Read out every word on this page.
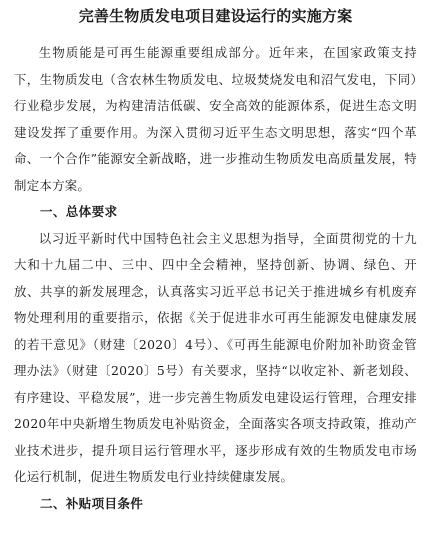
完善生物质发电项目建设运行的实施方案

生物质能是可再生能源重要组成部分。近年来，在国家政策支持下，生物质发电（含农林生物质发电、垃圾焚烧发电和沼气发电，下同）行业稳步发展，为构建清洁低碳、安全高效的能源体系，促进生态文明建设发挥了重要作用。为深入贯彻习近平生态文明思想，落实“四个革命、一个合作”能源安全新战略，进一步推动生物质发电高质量发展，特制定本方案。

一、总体要求

以习近平新时代中国特色社会主义思想为指导，全面贯彻党的十九大和十九届二中、三中、四中全会精神，坚持创新、协调、绿色、开放、共享的新发展理念，认真落实习近平总书记关于推进城乡有机废弃物处理利用的重要指示，依据《关于促进非水可再生能源发电健康发展的若干意见》（财建〔2020〕4号）、《可再生能源电价附加补助资金管理办法》（财建〔2020〕5号）有关要求，坚持“以收定补、新老划段、有序建设、平稳发展”，进一步完善生物质发电建设运行管理，合理安排2020年中央新增生物质发电补贴资金，全面落实各项支持政策，推动产业技术进步，提升项目运行管理水平，逐步形成有效的生物质发电市场化运行机制，促进生物质发电行业持续健康发展。

二、补贴项目条件
